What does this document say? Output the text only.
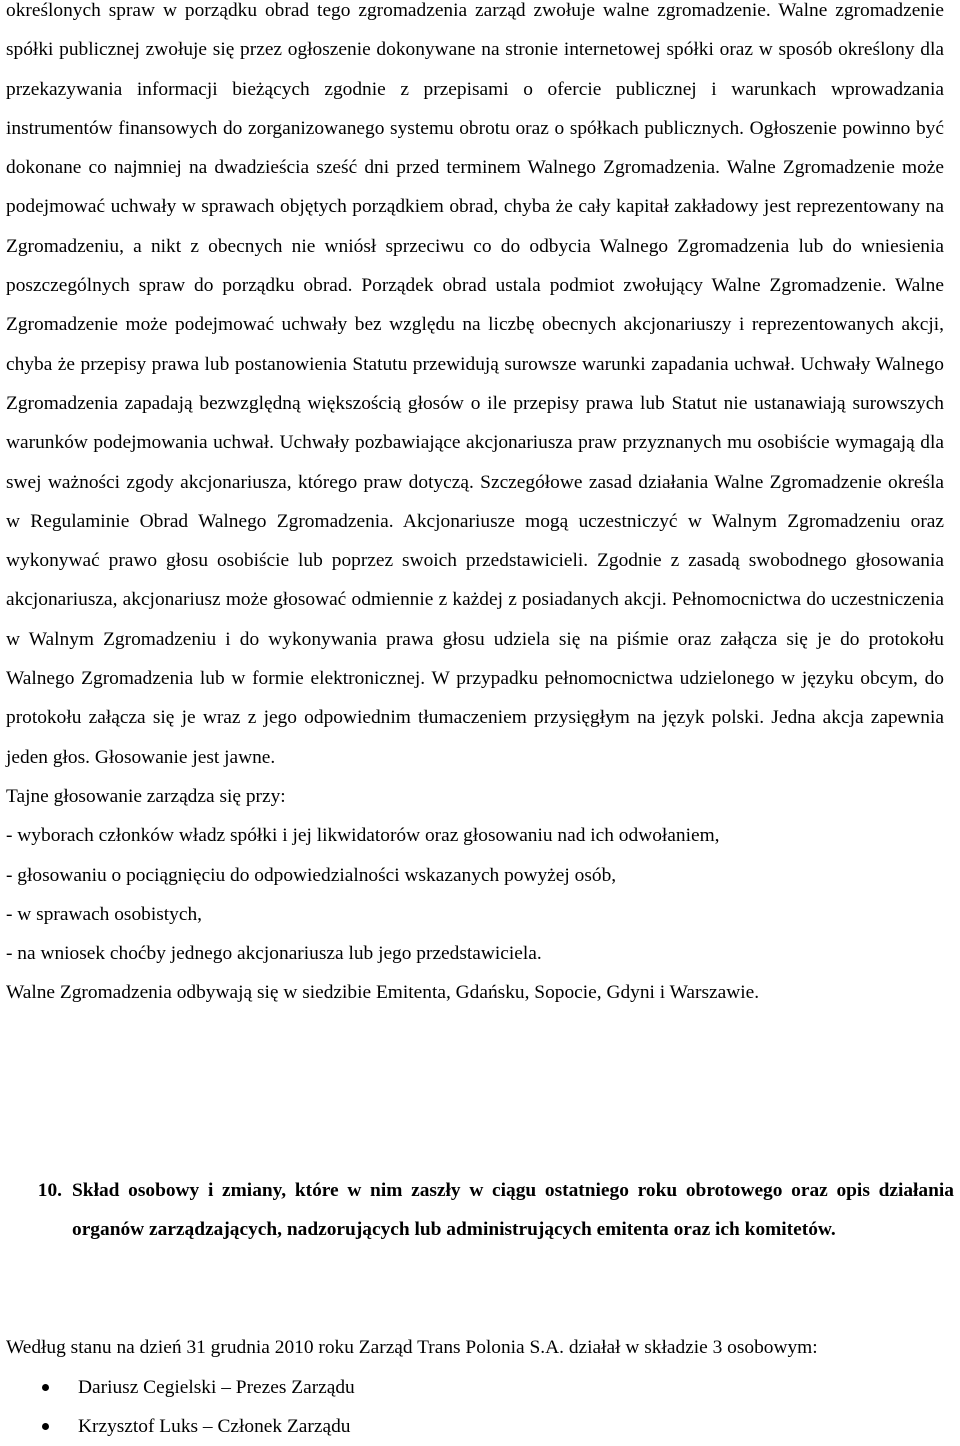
określonych spraw w porządku obrad tego zgromadzenia zarząd zwołuje walne zgromadzenie. Walne zgromadzenie spółki publicznej zwołuje się przez ogłoszenie dokonywane na stronie internetowej spółki oraz w sposób określony dla przekazywania informacji bieżących zgodnie z przepisami o ofercie publicznej i warunkach wprowadzania instrumentów finansowych do zorganizowanego systemu obrotu oraz o spółkach publicznych. Ogłoszenie powinno być dokonane co najmniej na dwadzieścia sześć dni przed terminem Walnego Zgromadzenia. Walne Zgromadzenie może podejmować uchwały w sprawach objętych porządkiem obrad, chyba że cały kapitał zakładowy jest reprezentowany na Zgromadzeniu, a nikt z obecnych nie wniósł sprzeciwu co do odbycia Walnego Zgromadzenia lub do wniesienia poszczególnych spraw do porządku obrad. Porządek obrad ustala podmiot zwołujący Walne Zgromadzenie. Walne Zgromadzenie może podejmować uchwały bez względu na liczbę obecnych akcjonariuszy i reprezentowanych akcji, chyba że przepisy prawa lub postanowienia Statutu przewidują surowsze warunki zapadania uchwał. Uchwały Walnego Zgromadzenia zapadają bezwzględną większością głosów o ile przepisy prawa lub Statut nie ustanawiają surowszych warunków podejmowania uchwał. Uchwały pozbawiające akcjonariusza praw przyznanych mu osobiście wymagają dla swej ważności zgody akcjonariusza, którego praw dotyczą. Szczegółowe zasad działania Walne Zgromadzenie określa w Regulaminie Obrad Walnego Zgromadzenia. Akcjonariusze mogą uczestniczyć w Walnym Zgromadzeniu oraz wykonywać prawo głosu osobiście lub poprzez swoich przedstawicieli. Zgodnie z zasadą swobodnego głosowania akcjonariusza, akcjonariusz może głosować odmiennie z każdej z posiadanych akcji. Pełnomocnictwa do uczestniczenia w Walnym Zgromadzeniu i do wykonywania prawa głosu udziela się na piśmie oraz załącza się je do protokołu Walnego Zgromadzenia lub w formie elektronicznej. W przypadku pełnomocnictwa udzielonego w języku obcym, do protokołu załącza się je wraz z jego odpowiednim tłumaczeniem przysięgłym na język polski. Jedna akcja zapewnia jeden głos. Głosowanie jest jawne.

Tajne głosowanie zarządza się przy:

- wyborach członków władz spółki i jej likwidatorów oraz głosowaniu nad ich odwołaniem,

- głosowaniu o pociągnięciu do odpowiedzialności wskazanych powyżej osób,

- w sprawach osobistych,

- na wniosek choćby jednego akcjonariusza lub jego przedstawiciela.

Walne Zgromadzenia odbywają się w siedzibie Emitenta, Gdańsku, Sopocie, Gdyni i Warszawie.

10. Skład osobowy i zmiany, które w nim zaszły w ciągu ostatniego roku obrotowego oraz opis działania organów zarządzających, nadzorujących lub administrujących emitenta oraz ich komitetów.

Według stanu na dzień 31 grudnia 2010 roku Zarząd Trans Polonia S.A. działał w składzie 3 osobowym:

Dariusz Cegielski – Prezes Zarządu
Krzysztof Luks – Członek Zarządu
